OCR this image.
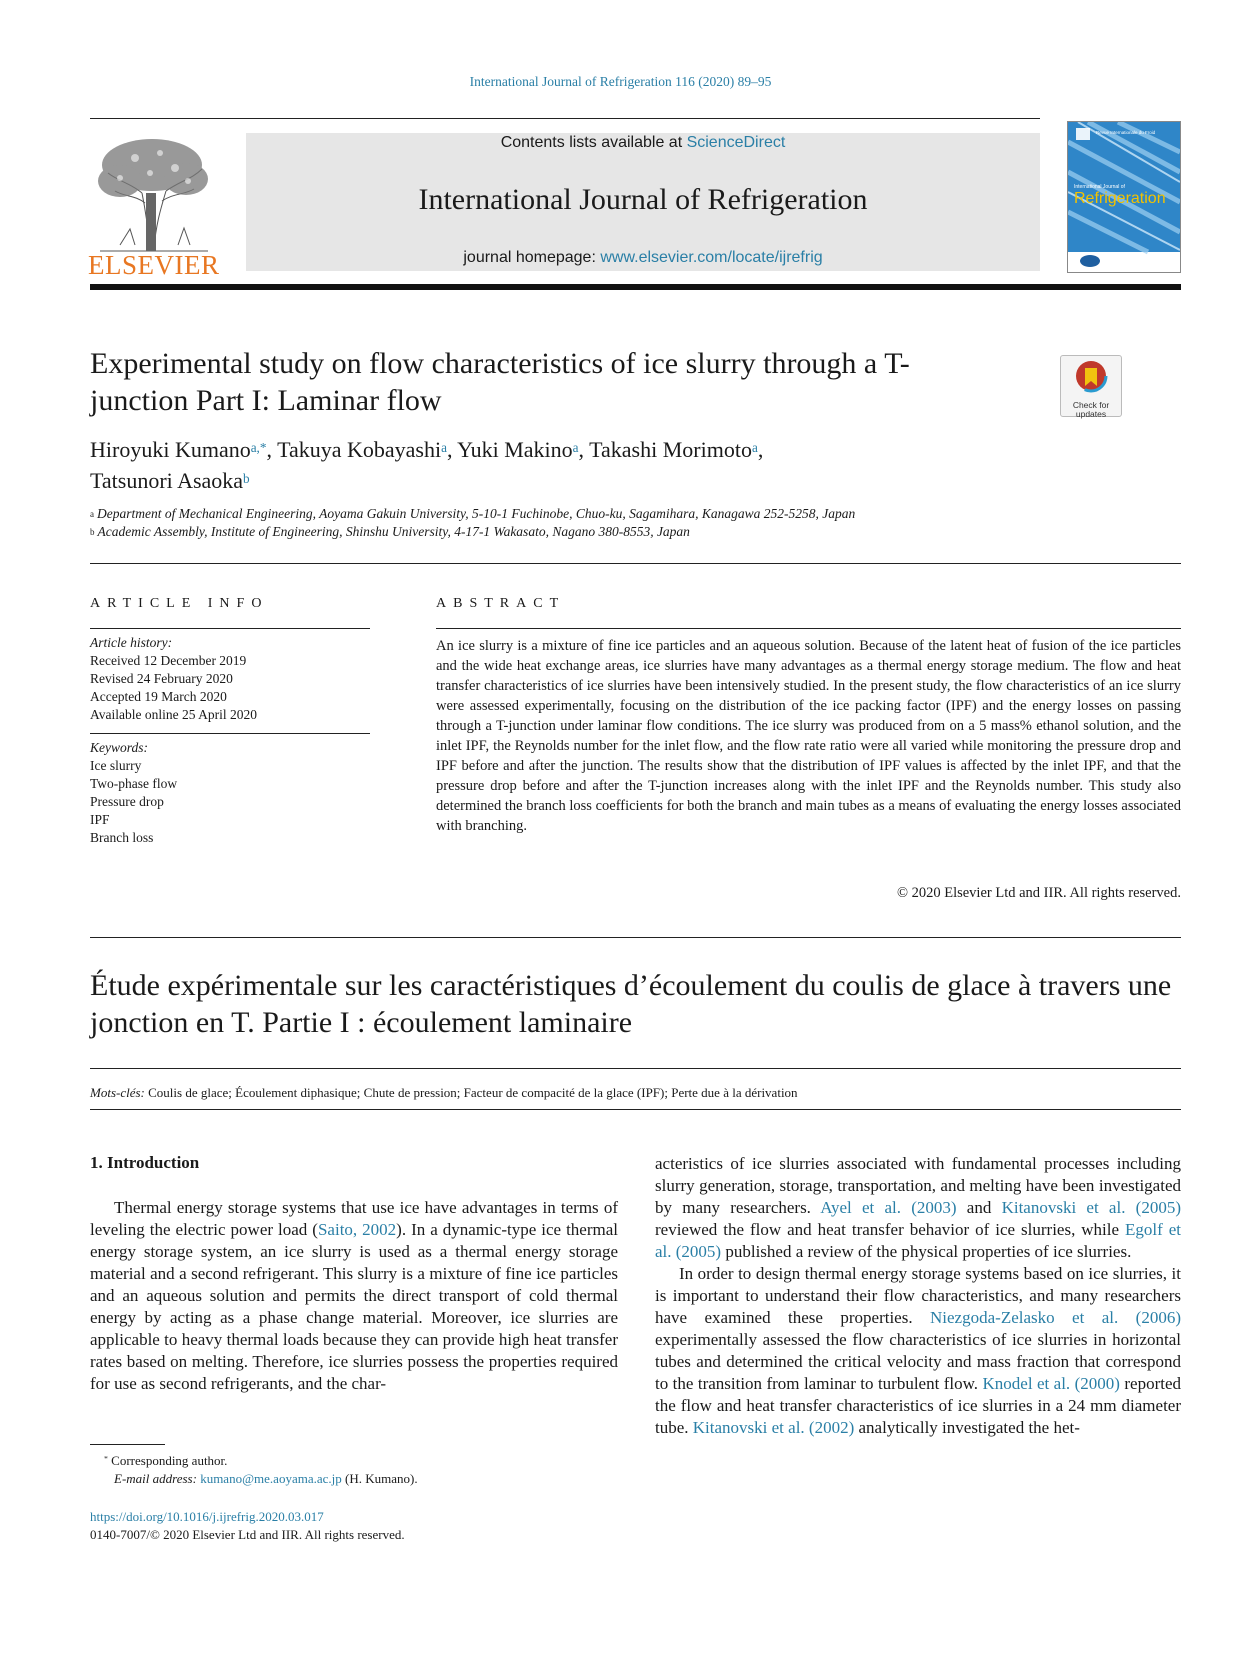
International Journal of Refrigeration 116 (2020) 89–95
ELSEVIER
Contents lists available at ScienceDirect
International Journal of Refrigeration
journal homepage: www.elsevier.com/locate/ijrefrig
Revue Internationale du Froid
International Journal of
Refrigeration
Experimental study on flow characteristics of ice slurry through a T-junction Part I: Laminar flow	Check for updates
Hiroyuki Kumano$^{a,*}$, Takuya Kobayashi$^a$, Yuki Makino$^a$, Takashi Morimoto$^a$,
Tatsunori Asaoka$^b$
$^a$ Department of Mechanical Engineering, Aoyama Gakuin University, 5-10-1 Fuchinobe, Chuo-ku, Sagamihara, Kanagawa 252-5258, Japan
$^b$ Academic Assembly, Institute of Engineering, Shinshu University, 4-17-1 Wakasato, Nagano 380-8553, Japan
ARTICLE INFO
Article history:
Received 12 December 2019
Revised 24 February 2020
Accepted 19 March 2020
Available online 25 April 2020
Keywords:
Ice slurry
Two-phase flow
Pressure drop
IPF
Branch loss
ABSTRACT
An ice slurry is a mixture of fine ice particles and an aqueous solution. Because of the latent heat of fusion of the ice particles and the wide heat exchange areas, ice slurries have many advantages as a thermal energy storage medium. The flow and heat transfer characteristics of ice slurries have been intensively studied. In the present study, the flow characteristics of an ice slurry were assessed experimentally, focusing on the distribution of the ice packing factor (IPF) and the energy losses on passing through a T-junction under laminar flow conditions. The ice slurry was produced from on a 5 mass% ethanol solution, and the inlet IPF, the Reynolds number for the inlet flow, and the flow rate ratio were all varied while monitoring the pressure drop and IPF before and after the junction. The results show that the distribution of IPF values is affected by the inlet IPF, and that the pressure drop before and after the T-junction increases along with the inlet IPF and the Reynolds number. This study also determined the branch loss coefficients for both the branch and main tubes as a means of evaluating the energy losses associated with branching.
© 2020 Elsevier Ltd and IIR. All rights reserved.
Étude expérimentale sur les caractéristiques d’écoulement du coulis de glace à travers une jonction en T. Partie I : écoulement laminaire
Mots-clés: Coulis de glace; Écoulement diphasique; Chute de pression; Facteur de compacité de la glace (IPF); Perte due à la dérivation
1. Introduction

Thermal energy storage systems that use ice have advantages in terms of leveling the electric power load (Saito, 2002). In a dynamic-type ice thermal energy storage system, an ice slurry is used as a thermal energy storage material and a second refrigerant. This slurry is a mixture of fine ice particles and an aqueous solution and permits the direct transport of cold thermal energy by acting as a phase change material. Moreover, ice slurries are applicable to heavy thermal loads because they can provide high heat transfer rates based on melting. Therefore, ice slurries possess the properties required for use as second refrigerants, and the char-

acteristics of ice slurries associated with fundamental processes including slurry generation, storage, transportation, and melting have been investigated by many researchers. Ayel et al. (2003) and Kitanovski et al. (2005) reviewed the flow and heat transfer behavior of ice slurries, while Egolf et al. (2005) published a review of the physical properties of ice slurries.

In order to design thermal energy storage systems based on ice slurries, it is important to understand their flow characteristics, and many researchers have examined these properties. Niezgoda-Zelasko et al. (2006) experimentally assessed the flow characteristics of ice slurries in horizontal tubes and determined the critical velocity and mass fraction that correspond to the transition from laminar to turbulent flow. Knodel et al. (2000) reported the flow and heat transfer characteristics of ice slurries in a 24 mm diameter tube. Kitanovski et al. (2002) analytically investigated the het-

* Corresponding author.
E-mail address: kumano@me.aoyama.ac.jp (H. Kumano).
https://doi.org/10.1016/j.ijrefrig.2020.03.017
0140-7007/© 2020 Elsevier Ltd and IIR. All rights reserved.
